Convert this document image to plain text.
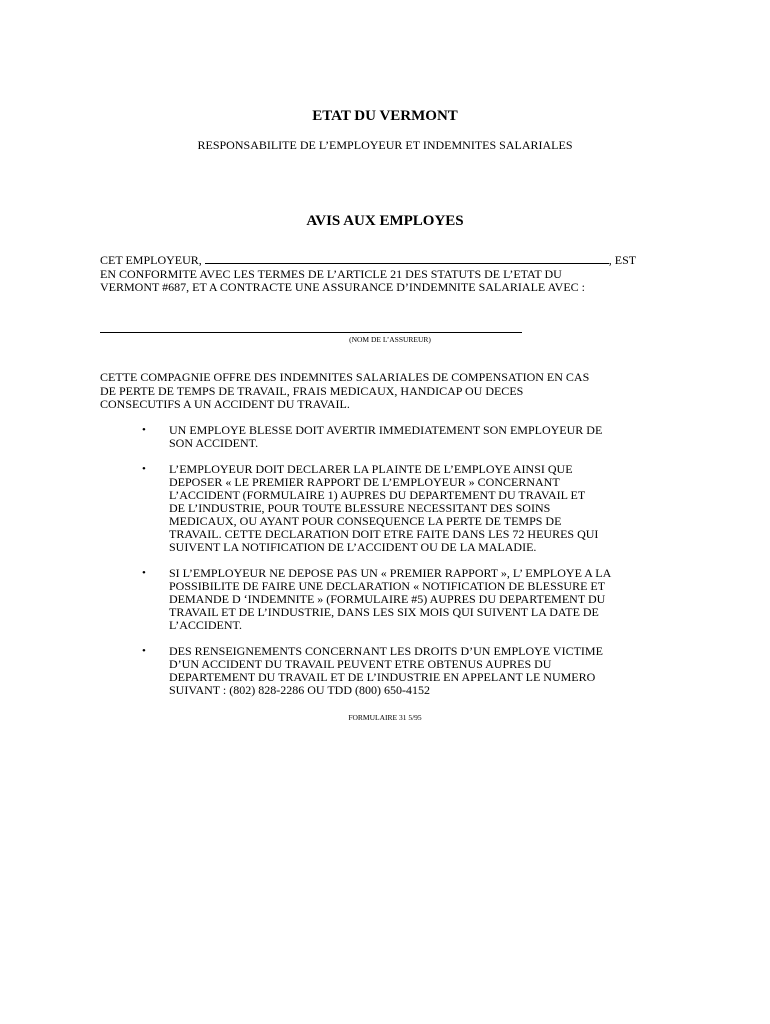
ETAT DU VERMONT
RESPONSABILITE DE L’EMPLOYEUR ET INDEMNITES SALARIALES
AVIS AUX EMPLOYES
CET EMPLOYEUR,	, EST
EN CONFORMITE AVEC LES TERMES DE L’ARTICLE 21 DES STATUTS DE L’ETAT DU
VERMONT #687, ET A CONTRACTE UNE ASSURANCE D’INDEMNITE SALARIALE AVEC :
(NOM DE L’ASSUREUR)
CETTE COMPAGNIE OFFRE DES INDEMNITES SALARIALES DE COMPENSATION EN CAS
DE PERTE DE TEMPS DE TRAVAIL, FRAIS MEDICAUX, HANDICAP OU DECES
CONSECUTIFS A UN ACCIDENT DU TRAVAIL.
• UN EMPLOYE BLESSE DOIT AVERTIR IMMEDIATEMENT SON EMPLOYEUR DE
SON ACCIDENT.
• L’EMPLOYEUR DOIT DECLARER LA PLAINTE DE L’EMPLOYE AINSI QUE
DEPOSER « LE PREMIER RAPPORT DE L’EMPLOYEUR » CONCERNANT
L’ACCIDENT (FORMULAIRE 1) AUPRES DU DEPARTEMENT DU TRAVAIL ET
DE L’INDUSTRIE, POUR TOUTE BLESSURE NECESSITANT DES SOINS
MEDICAUX, OU AYANT POUR CONSEQUENCE LA PERTE DE TEMPS DE
TRAVAIL. CETTE DECLARATION DOIT ETRE FAITE DANS LES 72 HEURES QUI
SUIVENT LA NOTIFICATION DE L’ACCIDENT OU DE LA MALADIE.
• SI L’EMPLOYEUR NE DEPOSE PAS UN « PREMIER RAPPORT », L’ EMPLOYE A LA
POSSIBILITE DE FAIRE UNE DECLARATION « NOTIFICATION DE BLESSURE ET
DEMANDE D ‘INDEMNITE » (FORMULAIRE #5) AUPRES DU DEPARTEMENT DU
TRAVAIL ET DE L’INDUSTRIE, DANS LES SIX MOIS QUI SUIVENT LA DATE DE
L’ACCIDENT.
• DES RENSEIGNEMENTS CONCERNANT LES DROITS D’UN EMPLOYE VICTIME
D’UN ACCIDENT DU TRAVAIL PEUVENT ETRE OBTENUS AUPRES DU
DEPARTEMENT DU TRAVAIL ET DE L’INDUSTRIE EN APPELANT LE NUMERO
SUIVANT : (802) 828-2286 OU TDD (800) 650-4152
FORMULAIRE 31 5/95
